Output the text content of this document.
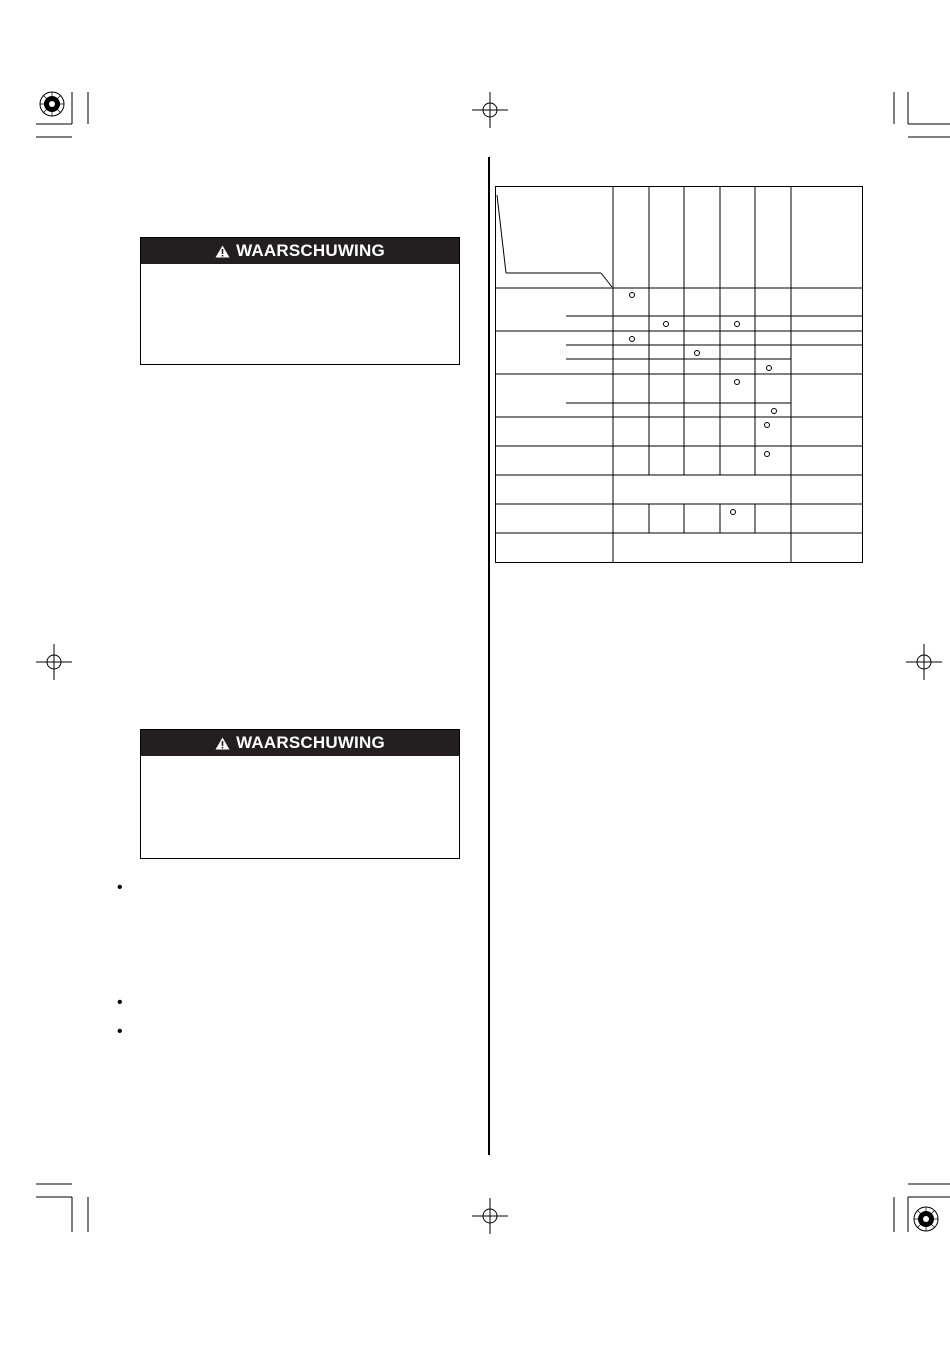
WAARSCHUWING
WAARSCHUWING
•
•
•
